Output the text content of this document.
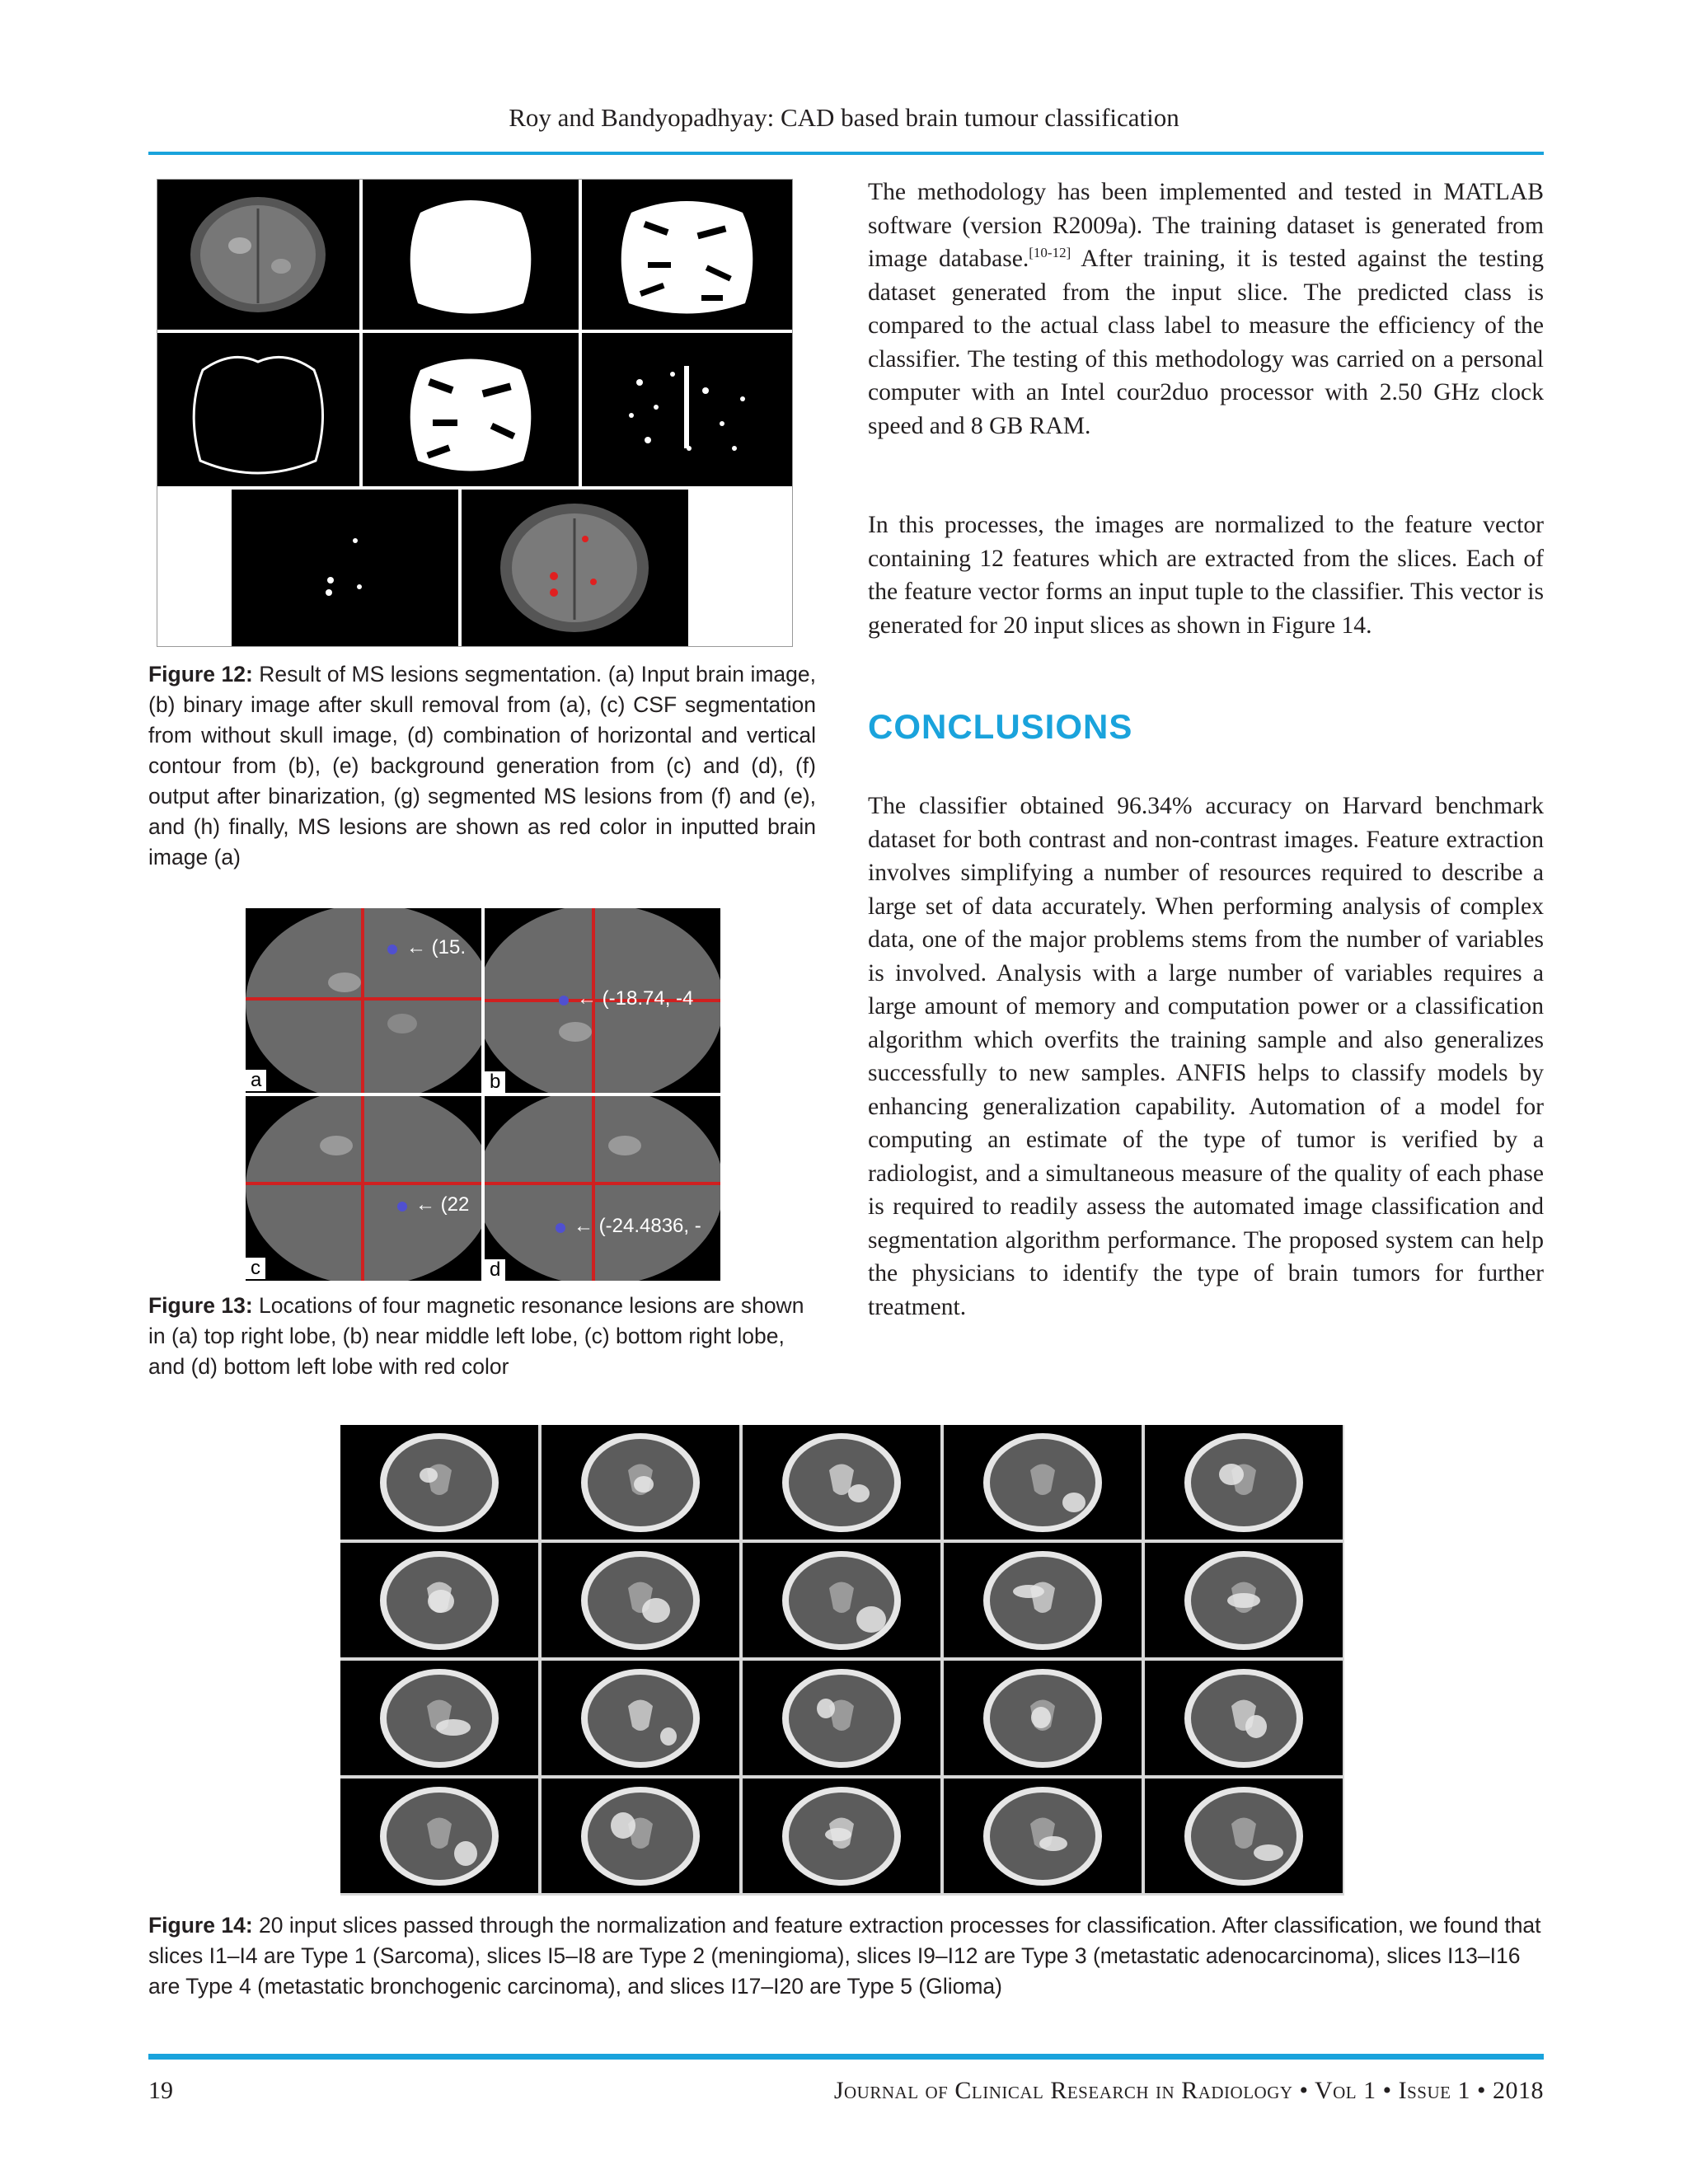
Roy and Bandyopadhyay: CAD based brain tumour classification
Figure 12: Result of MS lesions segmentation. (a) Input brain image, (b) binary image after skull removal from (a), (c) CSF segmentation from without skull image, (d) combination of horizontal and vertical contour from (b), (e) background generation from (c) and (d), (f) output after binarization, (g) segmented MS lesions from (f) and (e), and (h) finally, MS lesions are shown as red color in inputted brain image (a)
← (15.
a
← (-18.74, -4
b
← (22
c
← (-24.4836, -
d
Figure 13: Locations of four magnetic resonance lesions are shown in (a) top right lobe, (b) near middle left lobe, (c) bottom right lobe, and (d) bottom left lobe with red color

The methodology has been implemented and tested in MATLAB software (version R2009a). The training dataset is generated from image database.[10-12] After training, it is tested against the testing dataset generated from the input slice. The predicted class is compared to the actual class label to measure the efficiency of the classifier. The testing of this methodology was carried on a personal computer with an Intel cour2duo processor with 2.50 GHz clock speed and 8 GB RAM.

In this processes, the images are normalized to the feature vector containing 12 features which are extracted from the slices. Each of the feature vector forms an input tuple to the classifier. This vector is generated for 20 input slices as shown in Figure 14.

CONCLUSIONS

The classifier obtained 96.34% accuracy on Harvard benchmark dataset for both contrast and non-contrast images. Feature extraction involves simplifying a number of resources required to describe a large set of data accurately. When performing analysis of complex data, one of the major problems stems from the number of variables is involved. Analysis with a large number of variables requires a large amount of memory and computation power or a classification algorithm which overfits the training sample and also generalizes successfully to new samples. ANFIS helps to classify models by enhancing generalization capability. Automation of a model for computing an estimate of the type of tumor is verified by a radiologist, and a simultaneous measure of the quality of each phase is required to readily assess the automated image classification and segmentation algorithm performance. The proposed system can help the physicians to identify the type of brain tumors for further treatment.

Figure 14: 20 input slices passed through the normalization and feature extraction processes for classification. After classification, we found that slices I1–I4 are Type 1 (Sarcoma), slices I5–I8 are Type 2 (meningioma), slices I9–I12 are Type 3 (metastatic adenocarcinoma), slices I13–I16 are Type 4 (metastatic bronchogenic carcinoma), and slices I17–I20 are Type 5 (Glioma)
19	Journal of Clinical Research in Radiology • Vol 1 • Issue 1 • 2018
